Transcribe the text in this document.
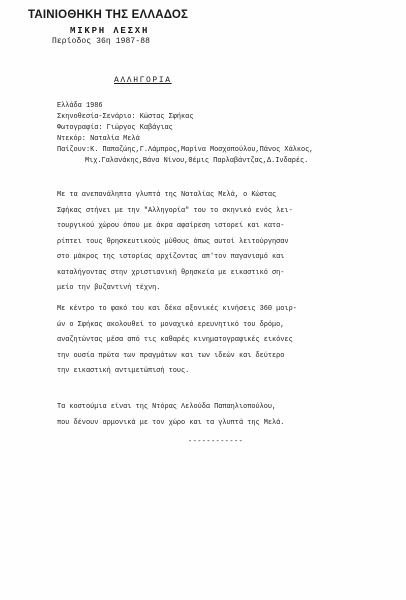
ΤΑΙΝΙΟΘΗΚΗ ΤΗΣ ΕΛΛΑΔΟΣ
ΜΙΚΡΗ ΛΕΣΧΗ
Περίοδος 36η 1987-88
ΑΛΛΗΓΟΡΙΑ
Ελλάδα 1986
Σκηνοθεσία-Σενάριο: Κώστας Σφήκας
Φωτογραφία: Γιώργος Καβάγιας
Ντεκόρ: Ναταλία Μελά
Παίζουν:Κ. Παπαζώης,Γ.Λάμπρος,Μαρίνα Μοσχοπούλου,Πάνος Χάλκος,
Μιχ.Γαλανάκης,Βάνα Νίνου,Θέμις Παρλαβάντζας,Δ.Ινδαρές.
Με τα ανεπανάληπτα γλυπτά της Ναταλίας Μελά, ο Κώστας
Σφήκας στήνει με την "Αλληγορία" του το σκηνικό ενός λει-
τουργικού χώρου όπου με άκρα αφαίρεση ιστορεί και κατα-
ρίπτει τους θρησκευτικούς μύθους όπως αυτοί λειτούργησαν
στο μάκρος της ιστορίας αρχίζοντας απ'τον παγανισμό και
καταλήγοντας στην χριστιανική θρησκεία με εικαστικό ση-
μείο την βυζαντινή τέχνη.
Με κέντρο το φακό του και δέκα αξονικές κινήσεις 360 μοιρ-
ών ο Σφήκας ακολουθεί το μοναχικό ερευνητικό του δρόμο,
αναζητώντας μέσα από τις καθαρές κινηματογραφικές εικόνες
την ουσία πρώτα των πραγμάτων και των ιδεών και δεύτερο
την εικαστική αντιμετώπισή τους.
Τα κοστούμια είναι της Ντόρας Λελούδα Παπαηλιοπούλου,
που δένουν αρμονικά με τον χώρο και τα γλυπτά της Μελά.
------------
